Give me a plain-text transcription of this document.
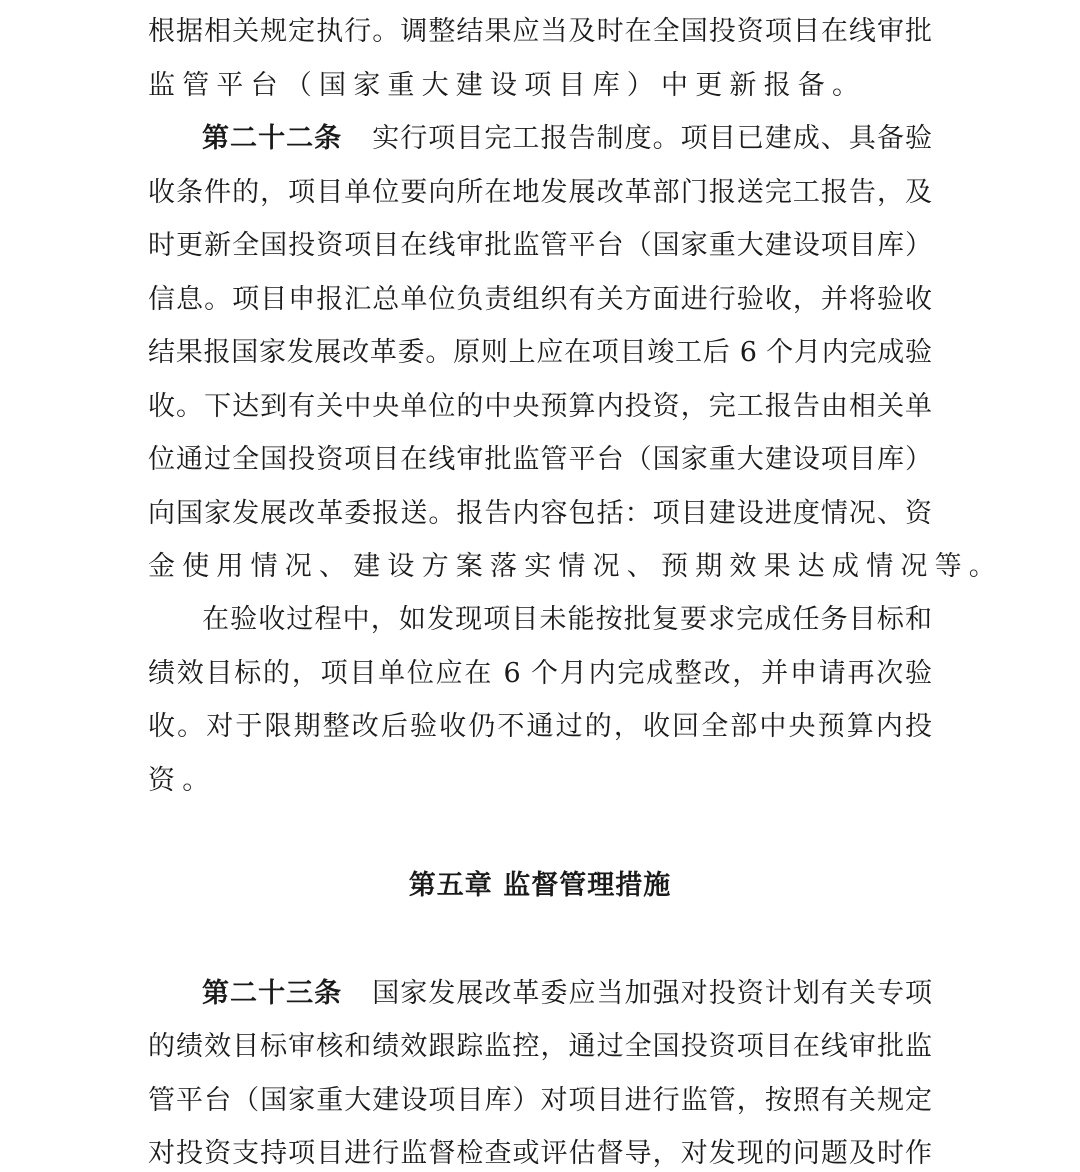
根据相关规定执行。调整结果应当及时在全国投资项目在线审批
监管平台（国家重大建设项目库）中更新报备。
第二十二条 实行项目完工报告制度。项目已建成、具备验
收条件的，项目单位要向所在地发展改革部门报送完工报告，及
时更新全国投资项目在线审批监管平台（国家重大建设项目库）
信息。项目申报汇总单位负责组织有关方面进行验收，并将验收
结果报国家发展改革委。原则上应在项目竣工后 6 个月内完成验
收。下达到有关中央单位的中央预算内投资，完工报告由相关单
位通过全国投资项目在线审批监管平台（国家重大建设项目库）
向国家发展改革委报送。报告内容包括：项目建设进度情况、资
金使用情况、建设方案落实情况、预期效果达成情况等。
在验收过程中，如发现项目未能按批复要求完成任务目标和
绩效目标的，项目单位应在 6 个月内完成整改，并申请再次验
收。对于限期整改后验收仍不通过的，收回全部中央预算内投
资。
第五章 监督管理措施
第二十三条 国家发展改革委应当加强对投资计划有关专项
的绩效目标审核和绩效跟踪监控，通过全国投资项目在线审批监
管平台（国家重大建设项目库）对项目进行监管，按照有关规定
对投资支持项目进行监督检查或评估督导，对发现的问题及时作
